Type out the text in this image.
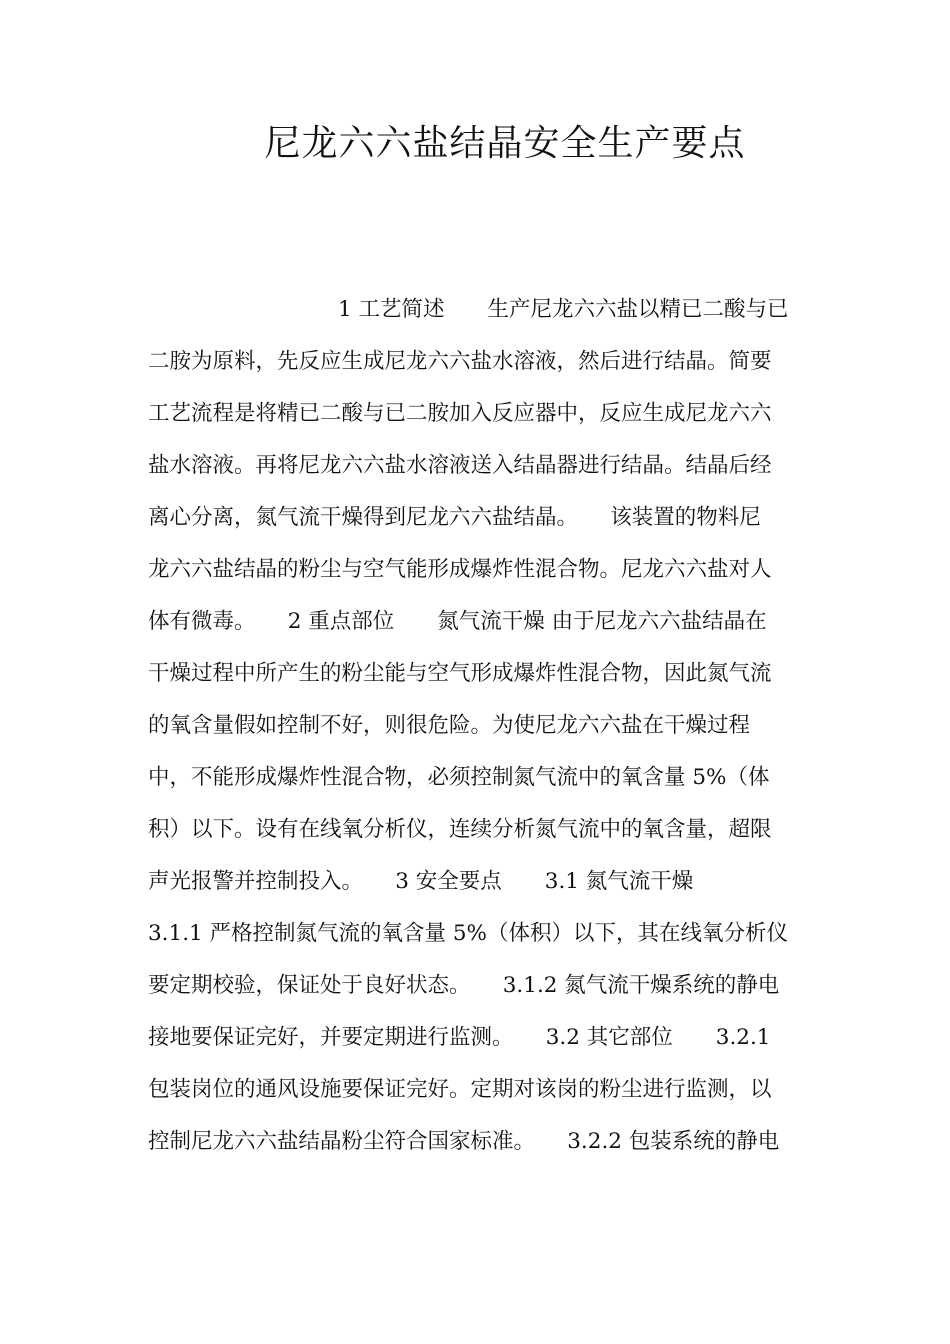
尼龙六六盐结晶安全生产要点
1 工艺简述　　生产尼龙六六盐以精已二酸与已
二胺为原料，先反应生成尼龙六六盐水溶液，然后进行结晶。简要
工艺流程是将精已二酸与已二胺加入反应器中，反应生成尼龙六六
盐水溶液。再将尼龙六六盐水溶液送入结晶器进行结晶。结晶后经
离心分离，氮气流干燥得到尼龙六六盐结晶。　　该装置的物料尼
龙六六盐结晶的粉尘与空气能形成爆炸性混合物。尼龙六六盐对人
体有微毒。　　2 重点部位　　氮气流干燥 由于尼龙六六盐结晶在
干燥过程中所产生的粉尘能与空气形成爆炸性混合物，因此氮气流
的氧含量假如控制不好，则很危险。为使尼龙六六盐在干燥过程
中，不能形成爆炸性混合物，必须控制氮气流中的氧含量 5%（体
积）以下。设有在线氧分析仪，连续分析氮气流中的氧含量，超限
声光报警并控制投入。　　3 安全要点　　3.1 氮气流干燥
3.1.1 严格控制氮气流的氧含量 5%（体积）以下，其在线氧分析仪
要定期校验，保证处于良好状态。　　3.1.2 氮气流干燥系统的静电
接地要保证完好，并要定期进行监测。　　3.2 其它部位　　3.2.1
包装岗位的通风设施要保证完好。定期对该岗的粉尘进行监测，以
控制尼龙六六盐结晶粉尘符合国家标准。　　3.2.2 包装系统的静电
